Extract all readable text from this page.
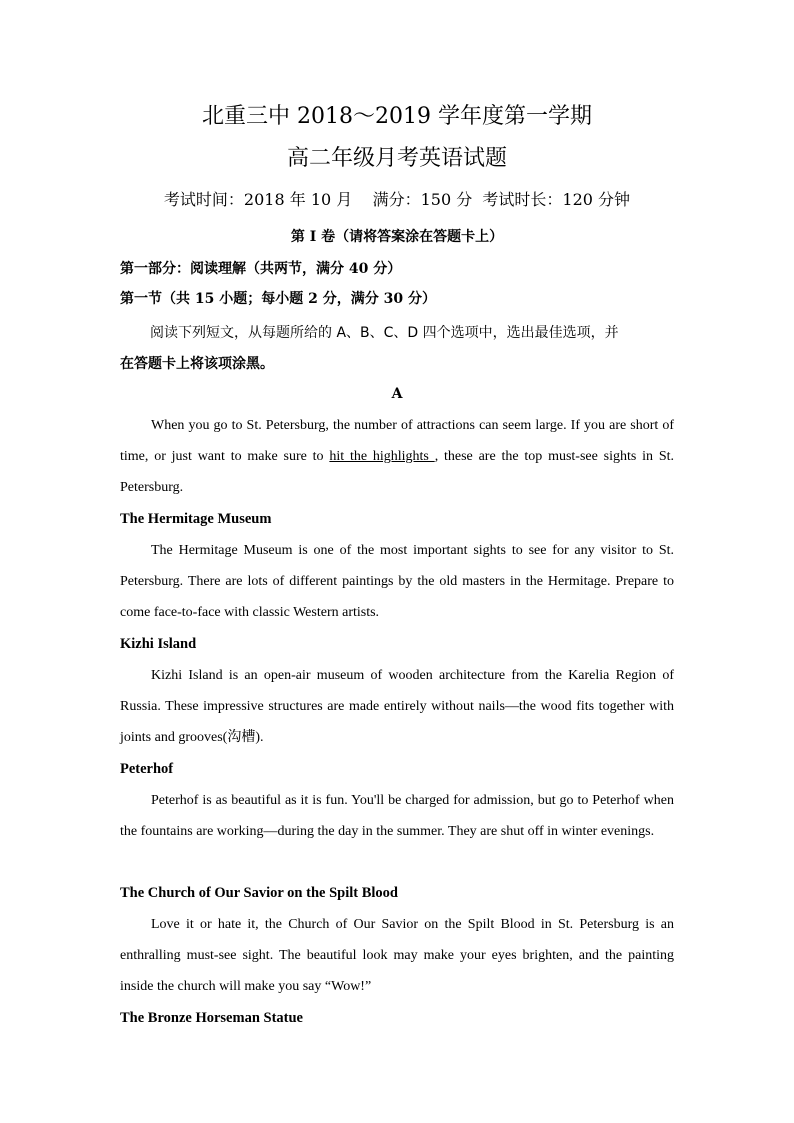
北重三中 2018～2019 学年度第一学期
高二年级月考英语试题
考试时间：2018 年 10 月 满分：150 分 考试时长：120 分钟
第 I 卷（请将答案涂在答题卡上）
第一部分：阅读理解（共两节，满分 40 分）
第一节（共 15 小题；每小题 2 分，满分 30 分）
阅读下列短文，从每题所给的 A、B、C、D 四个选项中，选出最佳选项，并
在答题卡上将该项涂黑。
A
When you go to St. Petersburg, the number of attractions can seem large. If you are short of time, or just want to make sure to hit the highlights , these are the top must-see sights in St. Petersburg.
The Hermitage Museum
The Hermitage Museum is one of the most important sights to see for any visitor to St. Petersburg. There are lots of different paintings by the old masters in the Hermitage. Prepare to come face-to-face with classic Western artists.
Kizhi Island
Kizhi Island is an open-air museum of wooden architecture from the Karelia Region of Russia. These impressive structures are made entirely without nails—the wood fits together with joints and grooves(沟槽).
Peterhof
Peterhof is as beautiful as it is fun. You'll be charged for admission, but go to Peterhof when the fountains are working—during the day in the summer. They are shut off in winter evenings.
The Church of Our Savior on the Spilt Blood
Love it or hate it, the Church of Our Savior on the Spilt Blood in St. Petersburg is an enthralling must-see sight. The beautiful look may make your eyes brighten, and the painting inside the church will make you say “Wow!”
The Bronze Horseman Statue
